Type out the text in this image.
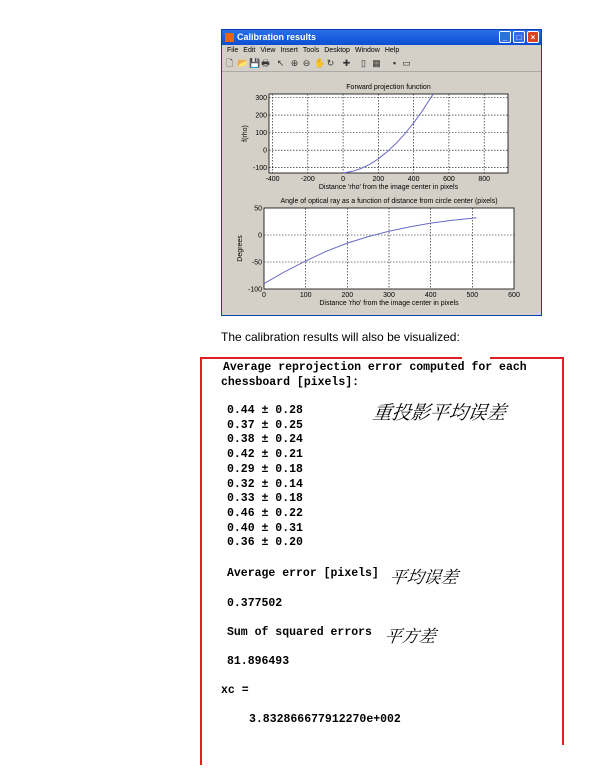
Calibration results	_	□	×
File Edit View Insert Tools Desktop Window Help
🗋 📂 💾 🖶 ↖ ⊕ ⊖ ✋ ↻ ✚ ▯ ▦	▪ ▭
-400	-200	0	200	400	600	800
-100
0
100
200
300
Forward projection function
Distance 'rho' from the image center in pixels
f(rho)
0	100	200	300	400	500	600
-100
-50
0
50
Angle of optical ray as a function of distance from circle center (pixels)
Distance 'rho' from the image center in pixels
Degrees
The calibration results will also be visualized:
Average reprojection error computed for each
chessboard [pixels]:
0.44 ± 0.28
0.37 ± 0.25
0.38 ± 0.24
0.42 ± 0.21
0.29 ± 0.18
0.32 ± 0.14
0.33 ± 0.18
0.46 ± 0.22
0.40 ± 0.31
0.36 ± 0.20
Average error [pixels]
0.377502
Sum of squared errors
81.896493
xc =
3.832866677912270e+002
重投影平均误差
平均误差
平方差
